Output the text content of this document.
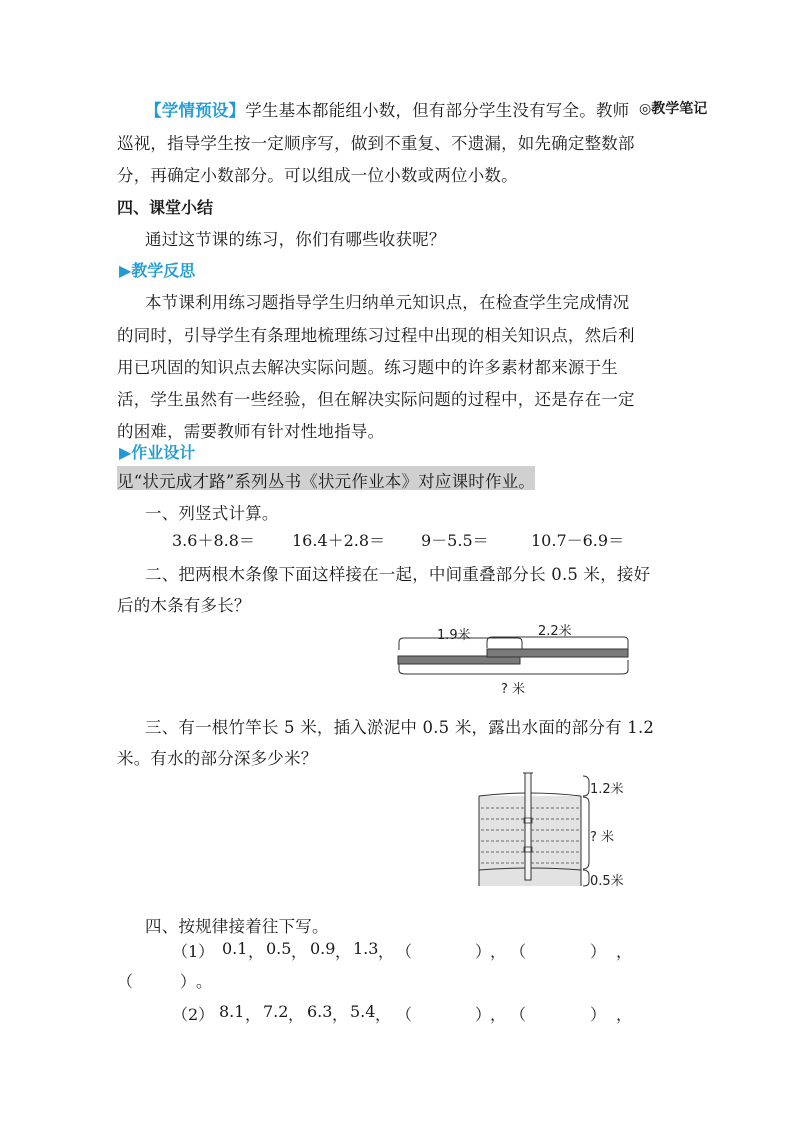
◎教学笔记
【学情预设】学生基本都能组小数，但有部分学生没有写全。教师
巡视，指导学生按一定顺序写，做到不重复、不遗漏，如先确定整数部
分，再确定小数部分。可以组成一位小数或两位小数。
四、课堂小结
通过这节课的练习，你们有哪些收获呢？
▶教学反思
本节课利用练习题指导学生归纳单元知识点，在检查学生完成情况
的同时，引导学生有条理地梳理练习过程中出现的相关知识点，然后利
用已巩固的知识点去解决实际问题。练习题中的许多素材都来源于生
活，学生虽然有一些经验，但在解决实际问题的过程中，还是存在一定
的困难，需要教师有针对性地指导。
▶作业设计
见“状元成才路”系列丛书《状元作业本》对应课时作业。
一、列竖式计算。
3.6＋8.8＝ 16.4＋2.8＝ 9－5.5＝	10.7－6.9＝
二、把两根木条像下面这样接在一起，中间重叠部分长 0.5 米，接好
后的木条有多长？
1.9米	2.2米
? 米
三、有一根竹竿长 5 米，插入淤泥中 0.5 米，露出水面的部分有 1.2
米。有水的部分深多少米？
1.2米
? 米
0.5米
四、按规律接着往下写。
（1） 0.1 ， 0.5 ， 0.9 ， 1.3 ， （	）
， （	） ，
（	） 。
（2） 8.1 ， 7.2 ， 6.3 ， 5.4 ， （	）
， （	） ，
